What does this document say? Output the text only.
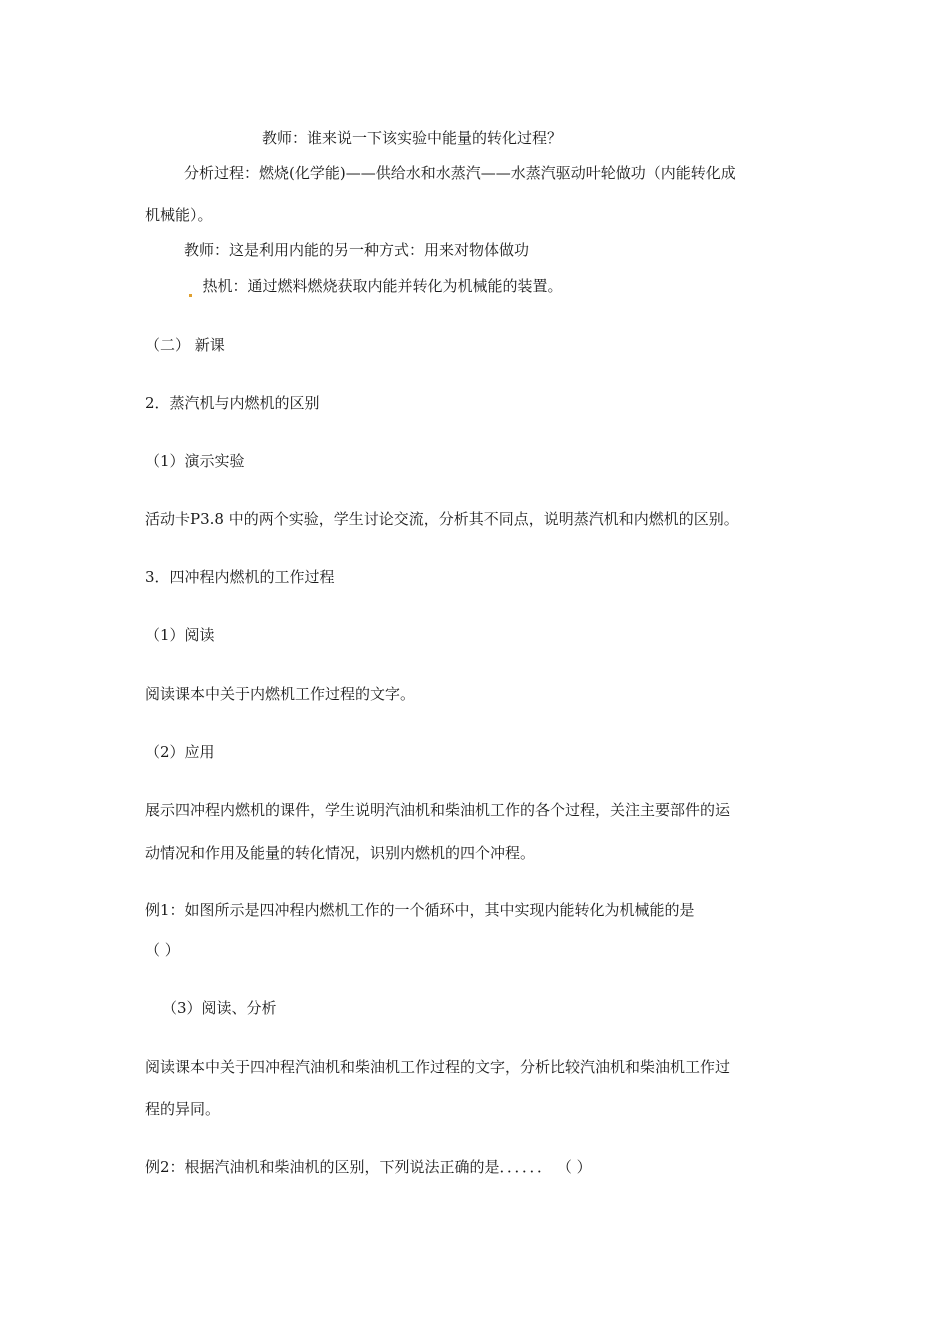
教师：谁来说一下该实验中能量的转化过程？
分析过程：燃烧(化学能)——供给水和水蒸汽——水蒸汽驱动叶轮做功（内能转化成
机械能）。
教师：这是利用内能的另一种方式：用来对物体做功
热机：通过燃料燃烧获取内能并转化为机械能的装置。
（二） 新课
2．蒸汽机与内燃机的区别
（1）演示实验
活动卡P3.8 中的两个实验，学生讨论交流，分析其不同点，说明蒸汽机和内燃机的区别。
3．四冲程内燃机的工作过程
（1）阅读
阅读课本中关于内燃机工作过程的文字。
（2）应用
展示四冲程内燃机的课件，学生说明汽油机和柴油机工作的各个过程，关注主要部件的运
动情况和作用及能量的转化情况，识别内燃机的四个冲程。
例1：如图所示是四冲程内燃机工作的一个循环中，其中实现内能转化为机械能的是
（ ）
（3）阅读、分析
阅读课本中关于四冲程汽油机和柴油机工作过程的文字，分析比较汽油机和柴油机工作过
程的异同。
例2：根据汽油机和柴油机的区别，下列说法正确的是．．．．．． （ ）
